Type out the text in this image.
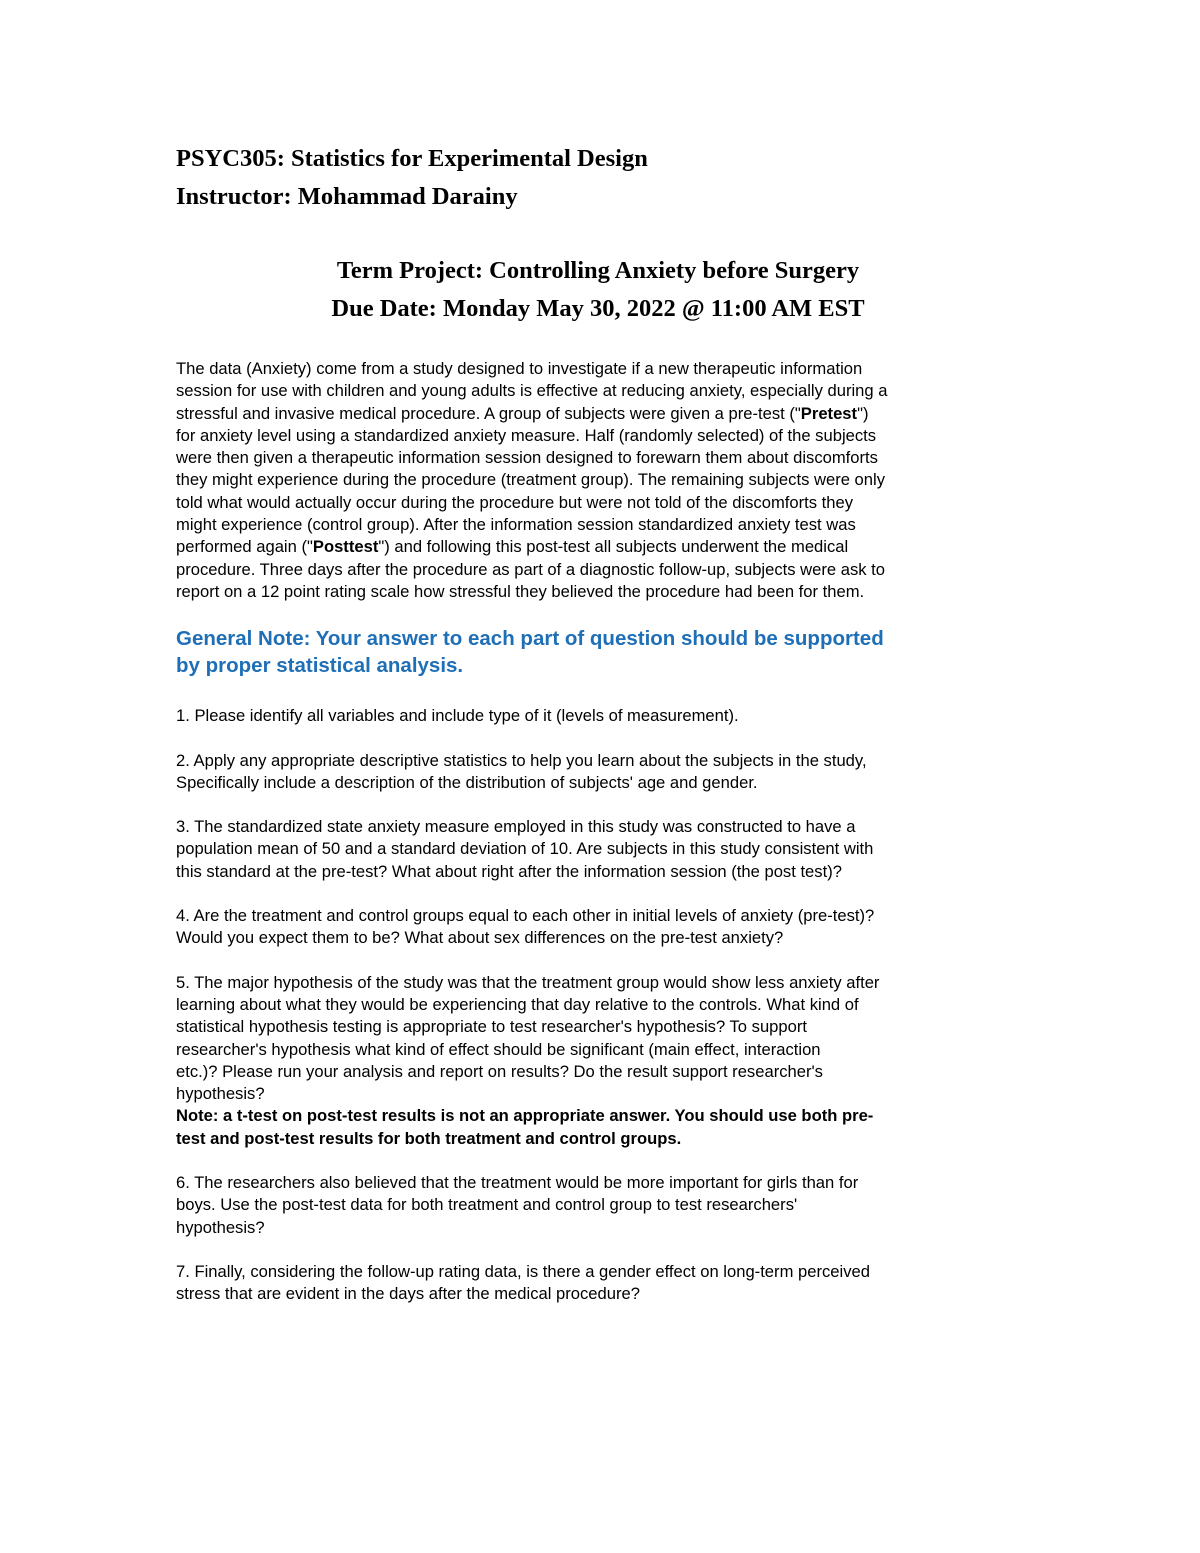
PSYC305: Statistics for Experimental Design
Instructor: Mohammad Darainy
Term Project: Controlling Anxiety before Surgery
Due Date: Monday May 30, 2022 @ 11:00 AM EST
The data (Anxiety) come from a study designed to investigate if a new therapeutic information
session for use with children and young adults is effective at reducing anxiety, especially during a
stressful and invasive medical procedure. A group of subjects were given a pre-test ("Pretest")
for anxiety level using a standardized anxiety measure. Half (randomly selected) of the subjects
were then given a therapeutic information session designed to forewarn them about discomforts
they might experience during the procedure (treatment group). The remaining subjects were only
told what would actually occur during the procedure but were not told of the discomforts they
might experience (control group). After the information session standardized anxiety test was
performed again ("Posttest") and following this post-test all subjects underwent the medical
procedure. Three days after the procedure as part of a diagnostic follow-up, subjects were ask to
report on a 12 point rating scale how stressful they believed the procedure had been for them.
General Note: Your answer to each part of question should be supported
by proper statistical analysis.
1. Please identify all variables and include type of it (levels of measurement).
2. Apply any appropriate descriptive statistics to help you learn about the subjects in the study,
Specifically include a description of the distribution of subjects' age and gender.
3. The standardized state anxiety measure employed in this study was constructed to have a
population mean of 50 and a standard deviation of 10. Are subjects in this study consistent with
this standard at the pre-test? What about right after the information session (the post test)?
4. Are the treatment and control groups equal to each other in initial levels of anxiety (pre-test)?
Would you expect them to be? What about sex differences on the pre-test anxiety?
5. The major hypothesis of the study was that the treatment group would show less anxiety after
learning about what they would be experiencing that day relative to the controls. What kind of
statistical hypothesis testing is appropriate to test researcher's hypothesis? To support
researcher's hypothesis what kind of effect should be significant (main effect, interaction
etc.)? Please run your analysis and report on results? Do the result support researcher's
hypothesis?
Note: a t-test on post-test results is not an appropriate answer. You should use both pre-
test and post-test results for both treatment and control groups.
6. The researchers also believed that the treatment would be more important for girls than for
boys. Use the post-test data for both treatment and control group to test researchers'
hypothesis?
7. Finally, considering the follow-up rating data, is there a gender effect on long-term perceived
stress that are evident in the days after the medical procedure?
